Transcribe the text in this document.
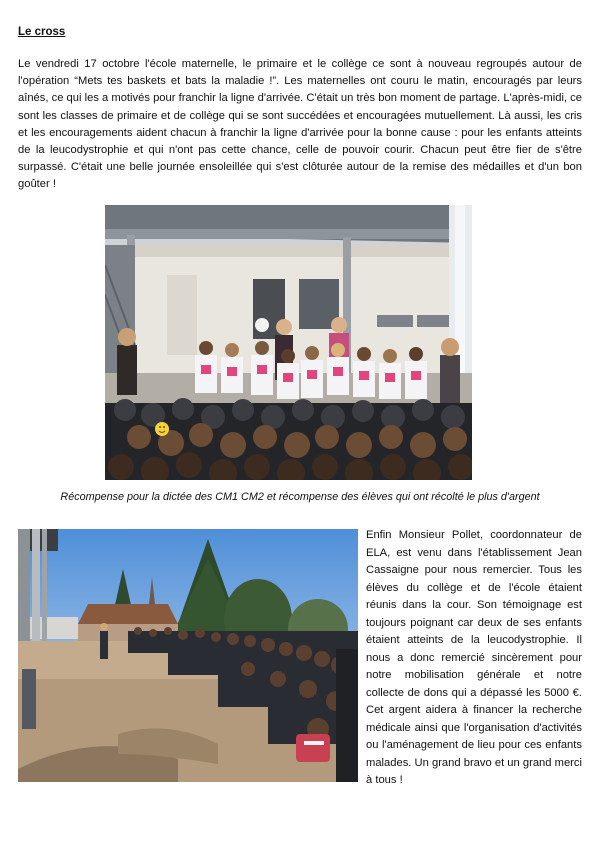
Le cross

Le vendredi 17 octobre l'école maternelle, le primaire et le collège ce sont à nouveau regroupés autour de l'opération “Mets tes baskets et bats la maladie !”. Les maternelles ont couru le matin, encouragés par leurs aînés, ce qui les a motivés pour franchir la ligne d'arrivée. C'était un très bon moment de partage. L'après-midi, ce sont les classes de primaire et de collège qui se sont succédées et encouragées mutuellement. Là aussi, les cris et les encouragements aident chacun à franchir la ligne d'arrivée pour la bonne cause : pour les enfants atteints de la leucodystrophie et qui n'ont pas cette chance, celle de pouvoir courir. Chacun peut être fier de s'être surpassé. C'était une belle journée ensoleillée qui s'est clôturée autour de la remise des médailles et d'un bon goûter !

Récompense pour la dictée des CM1 CM2 et récompense des élèves qui ont récolté le plus d'argent

Enfin Monsieur Pollet, coordonnateur de ELA, est venu dans l'établissement Jean Cassaigne pour nous remercier. Tous les élèves du collège et de l'école étaient réunis dans la cour. Son témoignage est toujours poignant car deux de ses enfants étaient atteints de la leucodystrophie. Il nous a donc remercié sincèrement pour notre mobilisation générale et notre collecte de dons qui a dépassé les 5000 €. Cet argent aidera à financer la recherche médicale ainsi que l'organisation d'activités ou l'aménagement de lieu pour ces enfants malades. Un grand bravo et un grand merci à tous !
